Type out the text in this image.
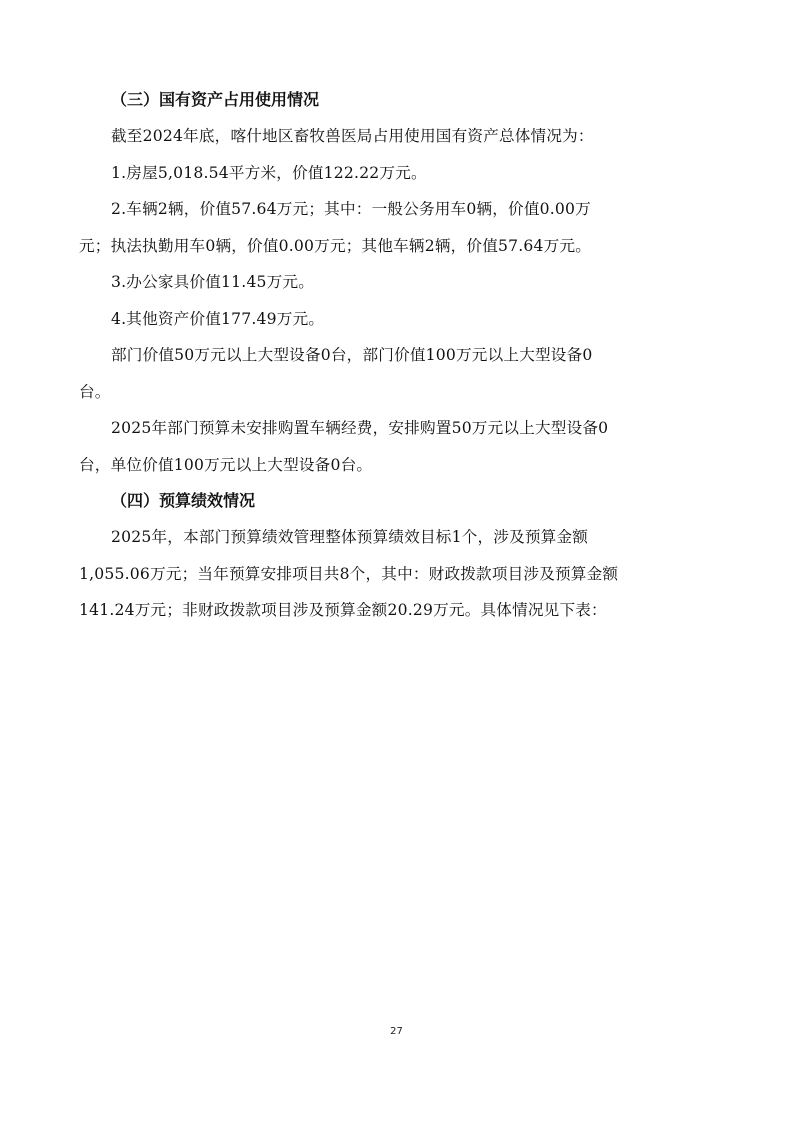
（三）国有资产占用使用情况

截至2024年底，喀什地区畜牧兽医局占用使用国有资产总体情况为：

1.房屋5,018.54平方米，价值122.22万元。

2.车辆2辆，价值57.64万元；其中：一般公务用车0辆，价值0.00万

元；执法执勤用车0辆，价值0.00万元；其他车辆2辆，价值57.64万元。

3.办公家具价值11.45万元。

4.其他资产价值177.49万元。

部门价值50万元以上大型设备0台，部门价值100万元以上大型设备0

台。

2025年部门预算未安排购置车辆经费，安排购置50万元以上大型设备0

台，单位价值100万元以上大型设备0台。

（四）预算绩效情况

2025年，本部门预算绩效管理整体预算绩效目标1个，涉及预算金额

1,055.06万元；当年预算安排项目共8个，其中：财政拨款项目涉及预算金额

141.24万元；非财政拨款项目涉及预算金额20.29万元。具体情况见下表：

27
